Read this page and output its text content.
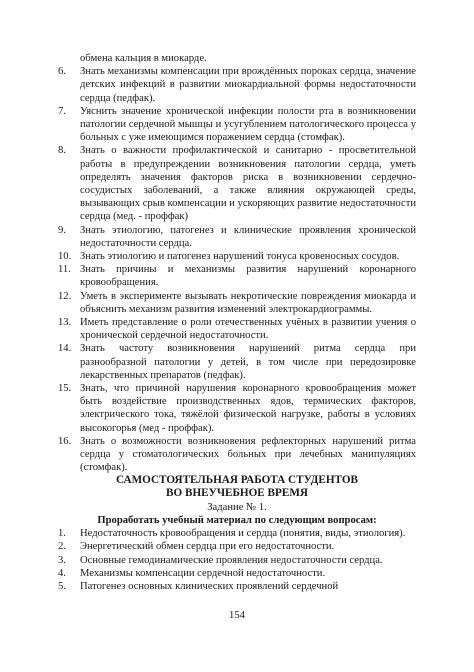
обмена кальция в миокарде.

6. Знать механизмы компенсации при врождённых пороках сердца, значение детских инфекций в развитии миокардиальной формы недостаточности сердца (педфак).
7. Уяснить значение хронической инфекции полости рта в возникновении патологии сердечной мышцы и усугублением патологического процесса у больных с уже имеющимся поражением сердца (стомфак).
8. Знать о важности профилактической и санитарно - просветительной работы в предупреждении возникновения патологии сердца, уметь определять значения факторов риска в возникновении сердечно-сосудистых заболеваний, а также влияния окружающей среды, вызывающих срыв компенсации и ускоряющих развитие недостаточности сердца (мед. - проффак)
9. Знать этиологию, патогенез и клинические проявления хронической недостаточности сердца.
10. Знать этиологию и патогенез нарушений тонуса кровеносных сосудов.
11. Знать причины и механизмы развития нарушений коронарного кровообращения.
12. Уметь в эксперименте вызывать некротические повреждения миокарда и объяснить механизм развития изменений электрокардиограммы.
13. Иметь представление о роли отечественных учёных в развитии учения о хронической сердечной недостаточности.
14. Знать частоту возникновения нарушений ритма сердца при разнообразной патологии у детей, в том числе при передозировке лекарственных препаратов (педфак).
15. Знать, что причиной нарушения коронарного кровообращения может быть воздействие производственных ядов, термических факторов, электрического тока, тяжёлой физической нагрузке, работы в условиях высокогорья (мед - проффак).
16. Знать о возможности возникновения рефлекторных нарушений ритма сердца у стоматологических больных при лечебных манипуляциях (стомфак).

САМОСТОЯТЕЛЬНАЯ РАБОТА СТУДЕНТОВ

ВО ВНЕУЧЕБНОЕ ВРЕМЯ

Задание № 1.

Проработать учебный материал по следующим вопросам:

1. Недостаточность кровообращения и сердца (понятия, виды, этиология).
2. Энергетический обмен сердца при его недостаточности.
3. Основные гемодинамические проявления недостаточности сердца.
4. Механизмы компенсации сердечной недостаточности.
5. Патогенез основных клинических проявлений сердечной
154
